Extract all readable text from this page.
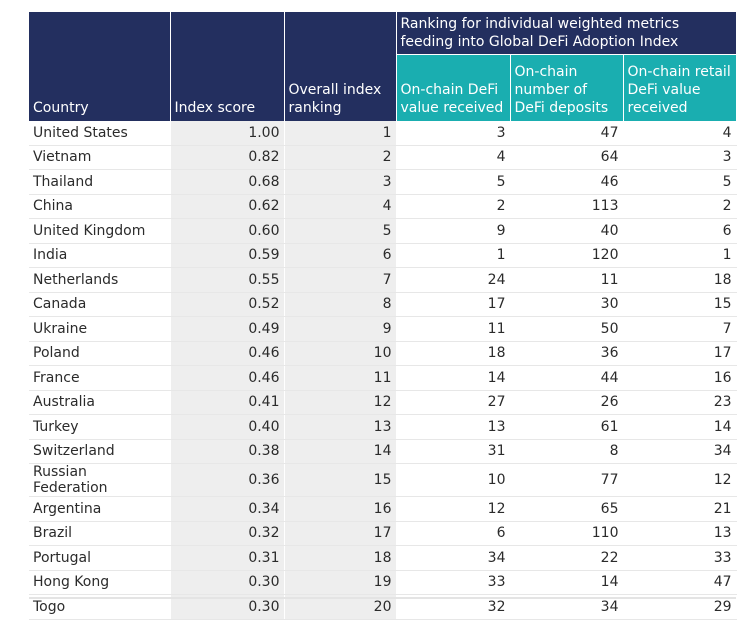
Country	Index score	Overall index ranking	Ranking for individual weighted metrics feeding into Global DeFi Adoption Index		
			On-chain DeFi value received	On-chain number of DeFi deposits	On-chain retail DeFi value received
United States	1.00	1	3	47	4
Vietnam	0.82	2	4	64	3
Thailand	0.68	3	5	46	5
China	0.62	4	2	113	2
United Kingdom	0.60	5	9	40	6
India	0.59	6	1	120	1
Netherlands	0.55	7	24	11	18
Canada	0.52	8	17	30	15
Ukraine	0.49	9	11	50	7
Poland	0.46	10	18	36	17
France	0.46	11	14	44	16
Australia	0.41	12	27	26	23
Turkey	0.40	13	13	61	14
Switzerland	0.38	14	31	8	34
Russian Federation	0.36	15	10	77	12
Argentina	0.34	16	12	65	21
Brazil	0.32	17	6	110	13
Portugal	0.31	18	34	22	33
Hong Kong	0.30	19	33	14	47
Togo	0.30	20	32	34	29
